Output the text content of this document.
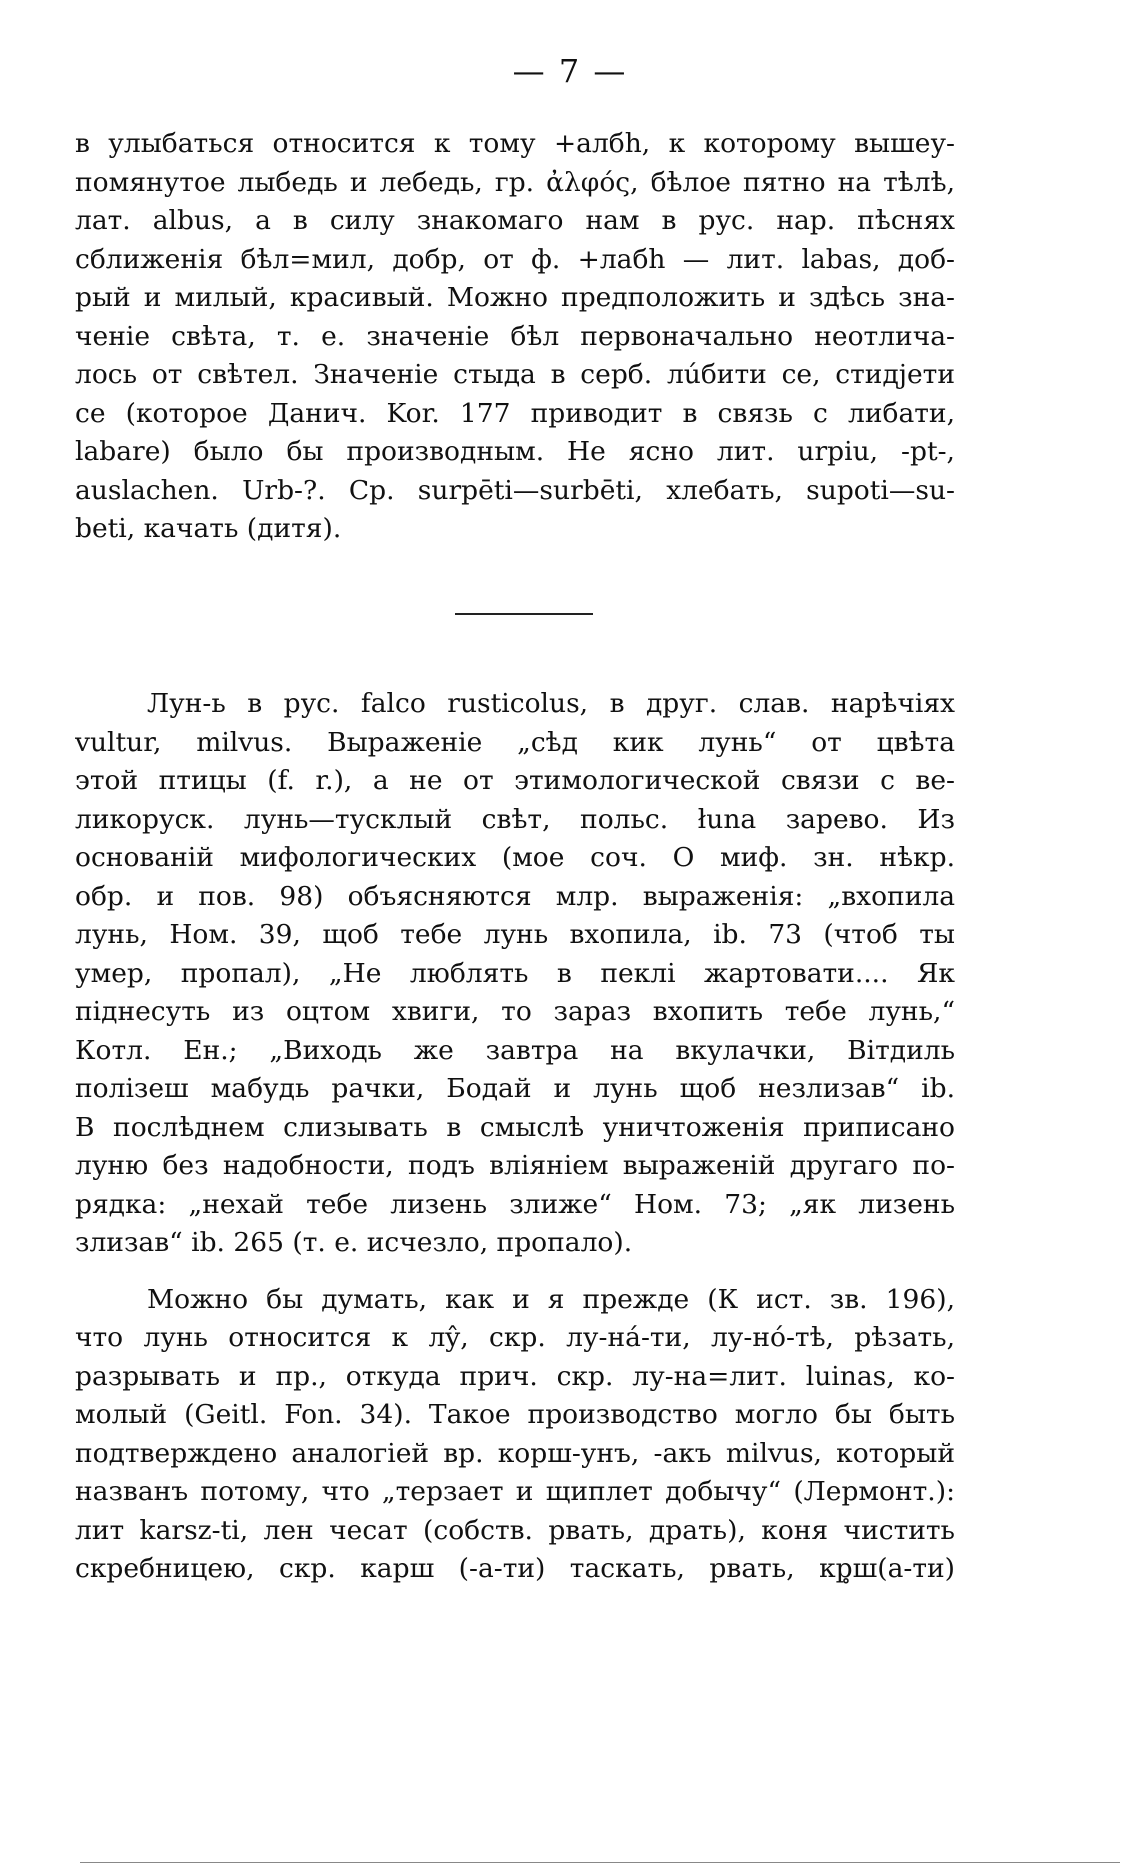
— 7 —
в улыбаться относится к тому +албh, к которому вышеу-
помянутое лыбедь и лебедь, гр. ἀλφός, бѣлое пятно на тѣлѣ,
лат. albus, а в силу знакомаго нам в рус. нар. пѣснях
сближенія бѣл=мил, добр, от ф. +лабh — лит. labas, доб-
рый и милый, красивый. Можно предположить и здѣсь зна-
ченіе свѣта, т. е. значеніе бѣл первоначально неотлича-
лось от свѣтел. Значеніе стыда в серб. лúбити се, стидјети
се (которое Данич. Kor. 177 приводит в связь с либати,
labare) было бы производным. Не ясно лит. urpiu, -pt-,
auslachen. Urb-?. Ср. surpēti—surbēti, хлебать, supoti—su-
beti, качать (дитя).
Лун-ь в рус. falco rusticolus, в друг. слав. нарѣчіях
vultur, milvus. Выраженіе „сѣд кик лунь“ от цвѣта
этой птицы (f. r.), а не от этимологической связи с ве-
ликоруск. лунь—тусклый свѣт, польс. łuna зарево. Из
основаній мифологических (мое соч. О миф. зн. нѣкр.
обр. и пов. 98) объясняются млр. выраженія: „вхопила
лунь, Ном. 39, щоб тебе лунь вхопила, ib. 73 (чтоб ты
умер, пропал), „Не люблять в пеклі жартовати.... Як
піднесуть из оцтом хвиги, то зараз вхопить тебе лунь,“
Котл. Ен.; „Виходь же завтра на вкулачки, Вітдиль
полізеш мабудь рачки, Бодай и лунь щоб незлизав“ ib.
В послѣднем слизывать в смыслѣ уничтоженія приписано
луню без надобности, подъ вліяніем выраженій другаго по-
рядка: „нехай тебе лизень злиже“ Ном. 73; „як лизень
злизав“ ib. 265 (т. е. исчезло, пропало).
Можно бы думать, как и я прежде (К ист. зв. 196),
что лунь относится к лŷ, скр. лу-нá-ти, лу-нó-тѣ, рѣзать,
разрывать и пр., откуда прич. скр. лу-на=лит. luinas, ко-
молый (Geitl. Fon. 34). Такое производство могло бы быть
подтверждено аналогіей вр. корш-унъ, -акъ milvus, который
названъ потому, что „терзает и щиплет добычу“ (Лермонт.):
лит karsz-ti, лен чесат (собств. рвать, драть), коня чистить
скребницею, скр. карш (-а-ти) таскать, рвать, кр̥ш(а-ти)
